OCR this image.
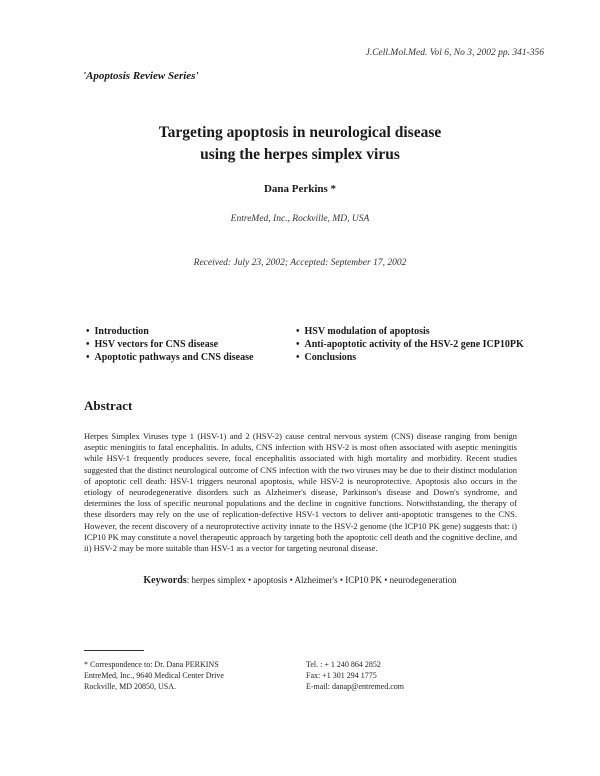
J.Cell.Mol.Med. Vol 6, No 3, 2002 pp. 341-356
'Apoptosis Review Series'
Targeting apoptosis in neurological disease
using the herpes simplex virus
Dana Perkins *
EntreMed, Inc., Rockville, MD, USA
Received: July 23, 2002; Accepted: September 17, 2002
• Introduction
• HSV vectors for CNS disease
• Apoptotic pathways and CNS disease
• HSV modulation of apoptosis
• Anti-apoptotic activity of the HSV-2 gene ICP10PK
• Conclusions
Abstract
Herpes Simplex Viruses type 1 (HSV-1) and 2 (HSV-2) cause central nervous system (CNS) disease ranging from benign aseptic meningitis to fatal encephalitis. In adults, CNS infection with HSV-2 is most often associated with aseptic meningitis while HSV-1 frequently produces severe, focal encephalitis associated with high mortality and morbidity. Recent studies suggested that the distinct neurological outcome of CNS infection with the two viruses may be due to their distinct modulation of apoptotic cell death: HSV-1 triggers neuronal apoptosis, while HSV-2 is neuroprotective. Apoptosis also occurs in the etiology of neurodegenerative disorders such as Alzheimer's disease, Parkinson's disease and Down's syndrome, and determines the loss of specific neuronal populations and the decline in cognitive functions. Notwithstanding, the therapy of these disorders may rely on the use of replication-defective HSV-1 vectors to deliver anti-apoptotic transgenes to the CNS. However, the recent discovery of a neuroprotective activity innate to the HSV-2 genome (the ICP10 PK gene) suggests that: i) ICP10 PK may constitute a novel therapeutic approach by targeting both the apoptotic cell death and the cognitive decline, and ii) HSV-2 may be more suitable than HSV-1 as a vector for targeting neuronal disease.
Keywords: herpes simplex • apoptosis • Alzheimer's • ICP10 PK • neurodegeneration
* Correspondence to: Dr. Dana PERKINS
EntreMed, Inc., 9640 Medical Center Drive
Rockville, MD 20850, USA.
Tel. : + 1 240 864 2852
Fax: +1 301 294 1775
E-mail: danap@entremed.com
